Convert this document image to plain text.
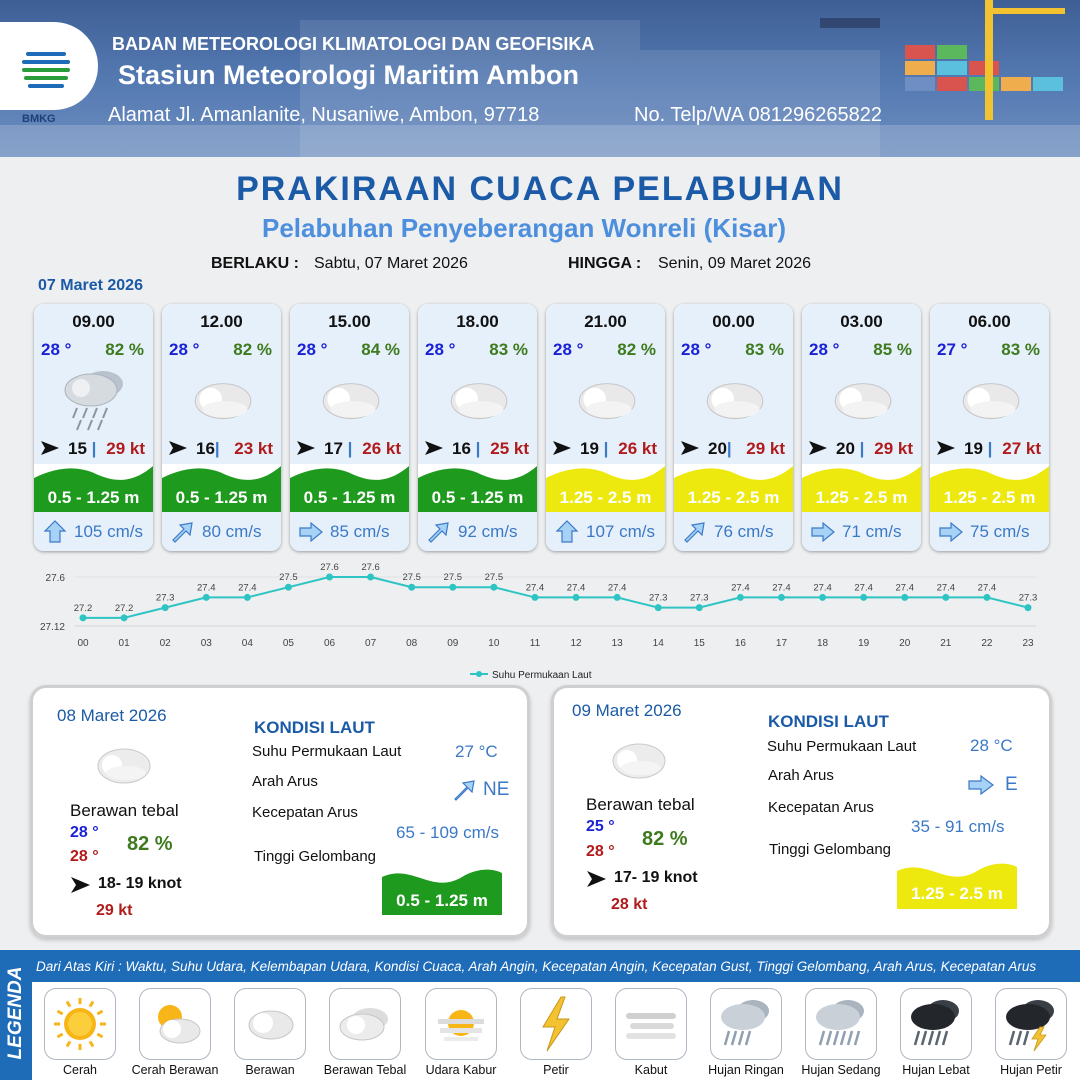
BMKG
BADAN METEOROLOGI KLIMATOLOGI DAN GEOFISIKA
Stasiun Meteorologi Maritim Ambon
Alamat Jl. Amanlanite, Nusaniwe, Ambon, 97718	No. Telp/WA 081296265822
PRAKIRAAN CUACA PELABUHAN
Pelabuhan Penyeberangan Wonreli (Kisar)
BERLAKU : Sabtu, 07 Maret 2026	HINGGA : Senin, 09 Maret 2026
07 Maret 2026
09.00
28 ° 82 %
15 | 29 kt
0.5 - 1.25 m
105 cm/s
12.00
28 ° 82 %
16| 23 kt
0.5 - 1.25 m
80 cm/s
15.00
28 ° 84 %
17 | 26 kt
0.5 - 1.25 m
85 cm/s
18.00
28 ° 83 %
16 | 25 kt
0.5 - 1.25 m
92 cm/s
21.00
28 ° 82 %
19 | 26 kt
1.25 - 2.5 m
107 cm/s
00.00
28 ° 83 %
20| 29 kt
1.25 - 2.5 m
76 cm/s
03.00
28 ° 85 %
20 | 29 kt
1.25 - 2.5 m
71 cm/s
06.00
27 ° 83 %
19 | 27 kt
1.25 - 2.5 m
75 cm/s
27.6
27.12
27.2
00
27.2
01
27.3
02
27.4
03
27.4
04
27.5
05
27.6
06
27.6
07
27.5
08
27.5
09
27.5
10
27.4
11
27.4
12
27.4
13
27.3
14
27.3
15
27.4
16
27.4
17
27.4
18
27.4
19
27.4
20
27.4
21
27.4
22
27.3
23
Suhu Permukaan Laut
08 Maret 2026
Berawan tebal
28 °
28 °
82 %
18- 19 knot
29 kt
KONDISI LAUT
Suhu Permukaan Laut	27 °C
Arah Arus	NE
Kecepatan Arus
65 - 109 cm/s
Tinggi Gelombang
0.5 - 1.25 m
09 Maret 2026
Berawan tebal
25 °
28 °
82 %
17- 19 knot
28 kt
KONDISI LAUT
Suhu Permukaan Laut	28 °C
Arah Arus	E
Kecepatan Arus
35 - 91 cm/s
Tinggi Gelombang
1.25 - 2.5 m
LEGENDA
Dari Atas Kiri : Waktu, Suhu Udara, Kelembapan Udara, Kondisi Cuaca, Arah Angin, Kecepatan Angin, Kecepatan Gust, Tinggi Gelombang, Arah Arus, Kecepatan Arus
Cerah	Cerah Berawan	Berawan	Berawan Tebal	Udara Kabur	Petir	Kabut	Hujan Ringan	Hujan Sedang	Hujan Lebat	Hujan Petir
